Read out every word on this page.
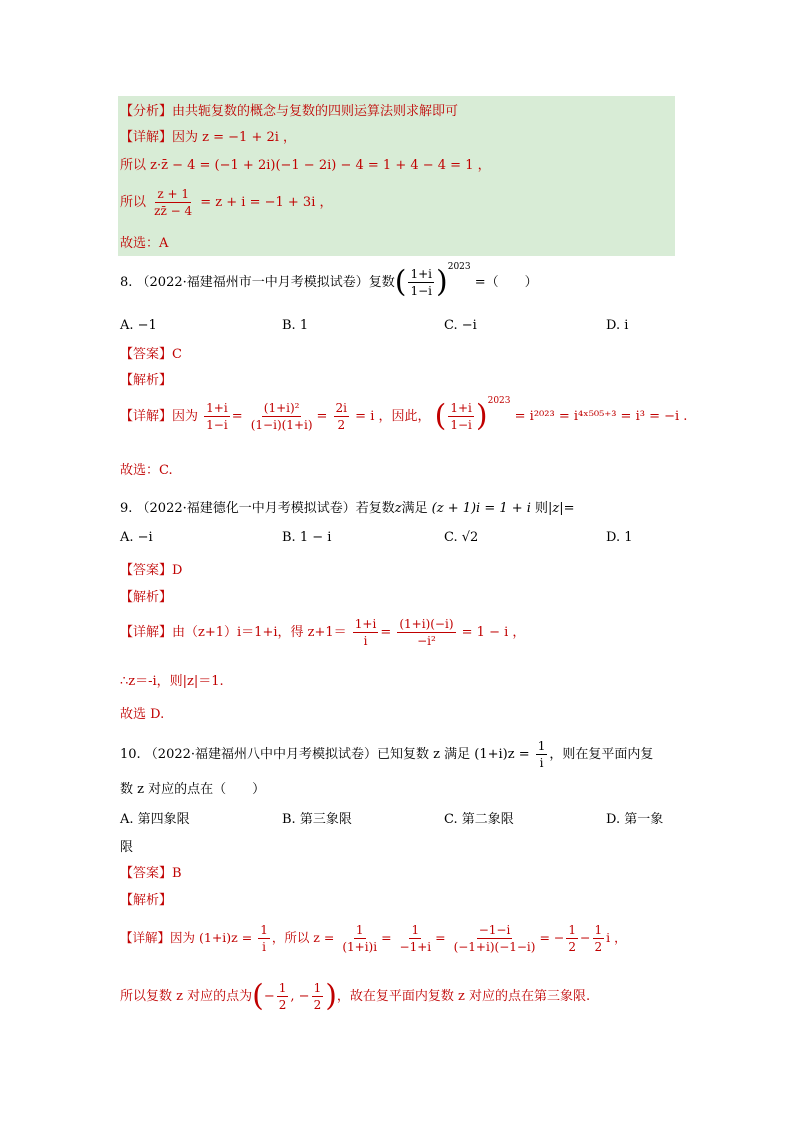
【分析】由共轭复数的概念与复数的四则运算法则求解即可
【详解】因为 z = −1 + 2i ，
所以 z·z̄ − 4 = (−1 + 2i)(−1 − 2i) − 4 = 1 + 4 − 4 = 1 ，
所以 $\frac{z + 1}{zz̄ - 4} = z + i = -1 + 3i$ ，
故选：A
8. （2022·福建福州市一中月考模拟试卷）复数( $\frac{1+i}{1-i} )^{2023}$ =（　　）
A. −1	B. 1	C. −i	D. i
【答案】C
【解析】
【详解】因为 $\frac{1+i}{1-i} = \frac{\text{(1+i)²}}{(1-i)(1+i)} = \frac{2i}{2} = i$ ，因此， ( $\frac{1+i}{1-i} )^{2023} = i^{2023}$ = i⁴ˣ⁵⁰⁵⁺³ = i³ = −i .
故选：C.
9. （2022·福建德化一中月考模拟试卷）若复数z满足 (z + 1)i = 1 + i 则|z|=
A. −i	B. 1 − i	C. √2	D. 1
【答案】D
【解析】
【详解】由（z+1）i＝1+i，得 $z+1= \frac{1+i}{i} = \frac{(1+i)(-i)}{\text{−i²}} = 1 - i$ ，
∴z＝-i，则|z|＝1.
故选 D.
10. （2022·福建福州八中中月考模拟试卷）已知复数 z 满足 $(1+i)z = \frac{1}{i}$ ，则在复平面内复
数 z 对应的点在（　　）
A. 第四象限	B. 第三象限	C. 第二象限	D. 第一象
限
【答案】B
【解析】
【详解】因为 $(1+i)z = \frac{1}{i}$ ，所以 $z = \frac{1}{(1+i)i} = \frac{1}{-1+i} = \frac{-1-i}{(-1+i)(-1-i)}$ = − $\frac{1}{2} - \frac{1}{2}$ i ，
所以复数 z 对应的点为(− $\frac{1}{2}$ , − $\frac{1}{2}$ )，故在复平面内复数 z 对应的点在第三象限.
